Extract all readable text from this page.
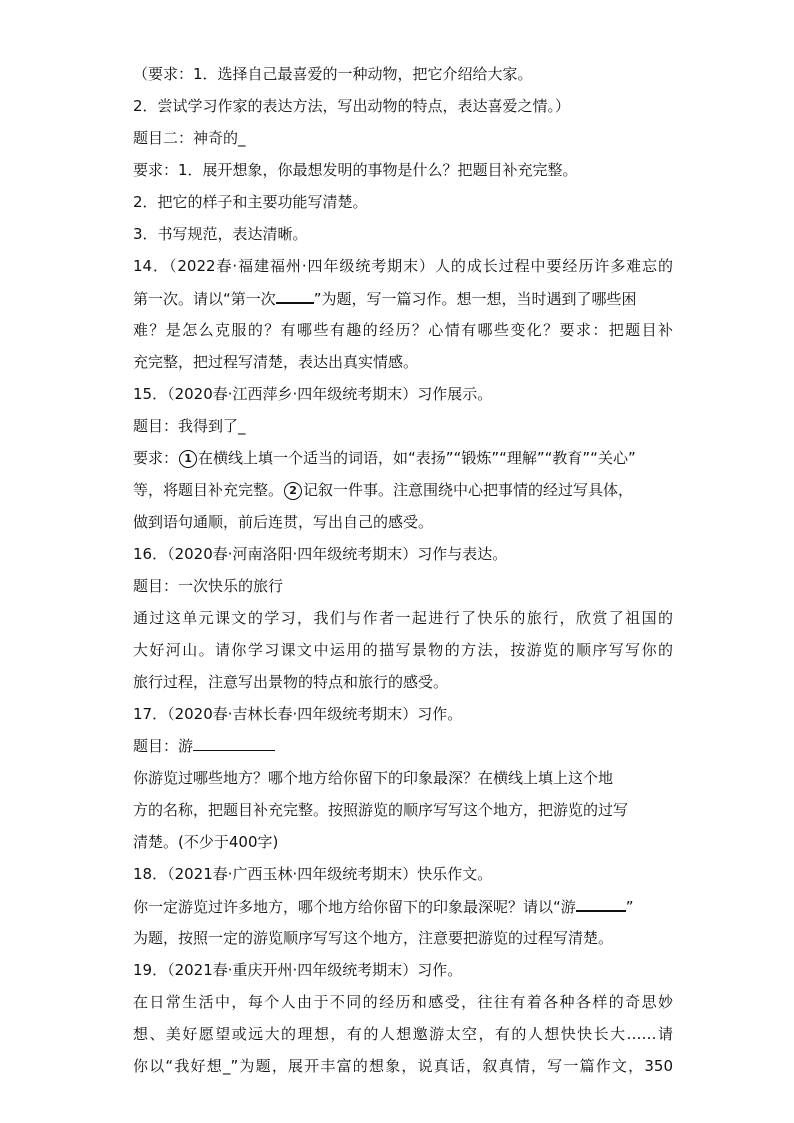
（要求：1．选择自己最喜爱的一种动物，把它介绍给大家。
2．尝试学习作家的表达方法，写出动物的特点，表达喜爱之情。）
题目二：神奇的_
要求：1．展开想象，你最想发明的事物是什么？把题目补充完整。
2．把它的样子和主要功能写清楚。
3．书写规范，表达清晰。
14．（2022春·福建福州·四年级统考期末）人的成长过程中要经历许多难忘的
第一次。请以“第一次	”为题，写一篇习作。想一想，当时遇到了哪些困
难？是怎么克服的？有哪些有趣的经历？心情有哪些变化？要求：把题目补
充完整，把过程写清楚，表达出真实情感。
15．（2020春·江西萍乡·四年级统考期末）习作展示。
题目：我得到了_
要求： 1 在横线上填一个适当的词语，如“表扬”“锻炼”“理解”“教育”“关心”
等，将题目补充完整。 2 记叙一件事。注意围绕中心把事情的经过写具体，
做到语句通顺，前后连贯，写出自己的感受。
16．（2020春·河南洛阳·四年级统考期末）习作与表达。
题目：一次快乐的旅行
通过这单元课文的学习，我们与作者一起进行了快乐的旅行，欣赏了祖国的
大好河山。请你学习课文中运用的描写景物的方法，按游览的顺序写写你的
旅行过程，注意写出景物的特点和旅行的感受。
17．（2020春·吉林长春·四年级统考期末）习作。
题目：游
你游览过哪些地方？哪个地方给你留下的印象最深？在横线上填上这个地
方的名称，把题目补充完整。按照游览的顺序写写这个地方，把游览的过写
清楚。(不少于400字)
18．（2021春·广西玉林·四年级统考期末）快乐作文。
你一定游览过许多地方，哪个地方给你留下的印象最深呢？请以“游	”
为题，按照一定的游览顺序写写这个地方，注意要把游览的过程写清楚。
19．（2021春·重庆开州·四年级统考期末）习作。
在日常生活中，每个人由于不同的经历和感受，往往有着各种各样的奇思妙
想、美好愿望或远大的理想，有的人想邀游太空，有的人想快快长大……请
你以“我好想_”为题，展开丰富的想象，说真话，叙真情，写一篇作文，350
